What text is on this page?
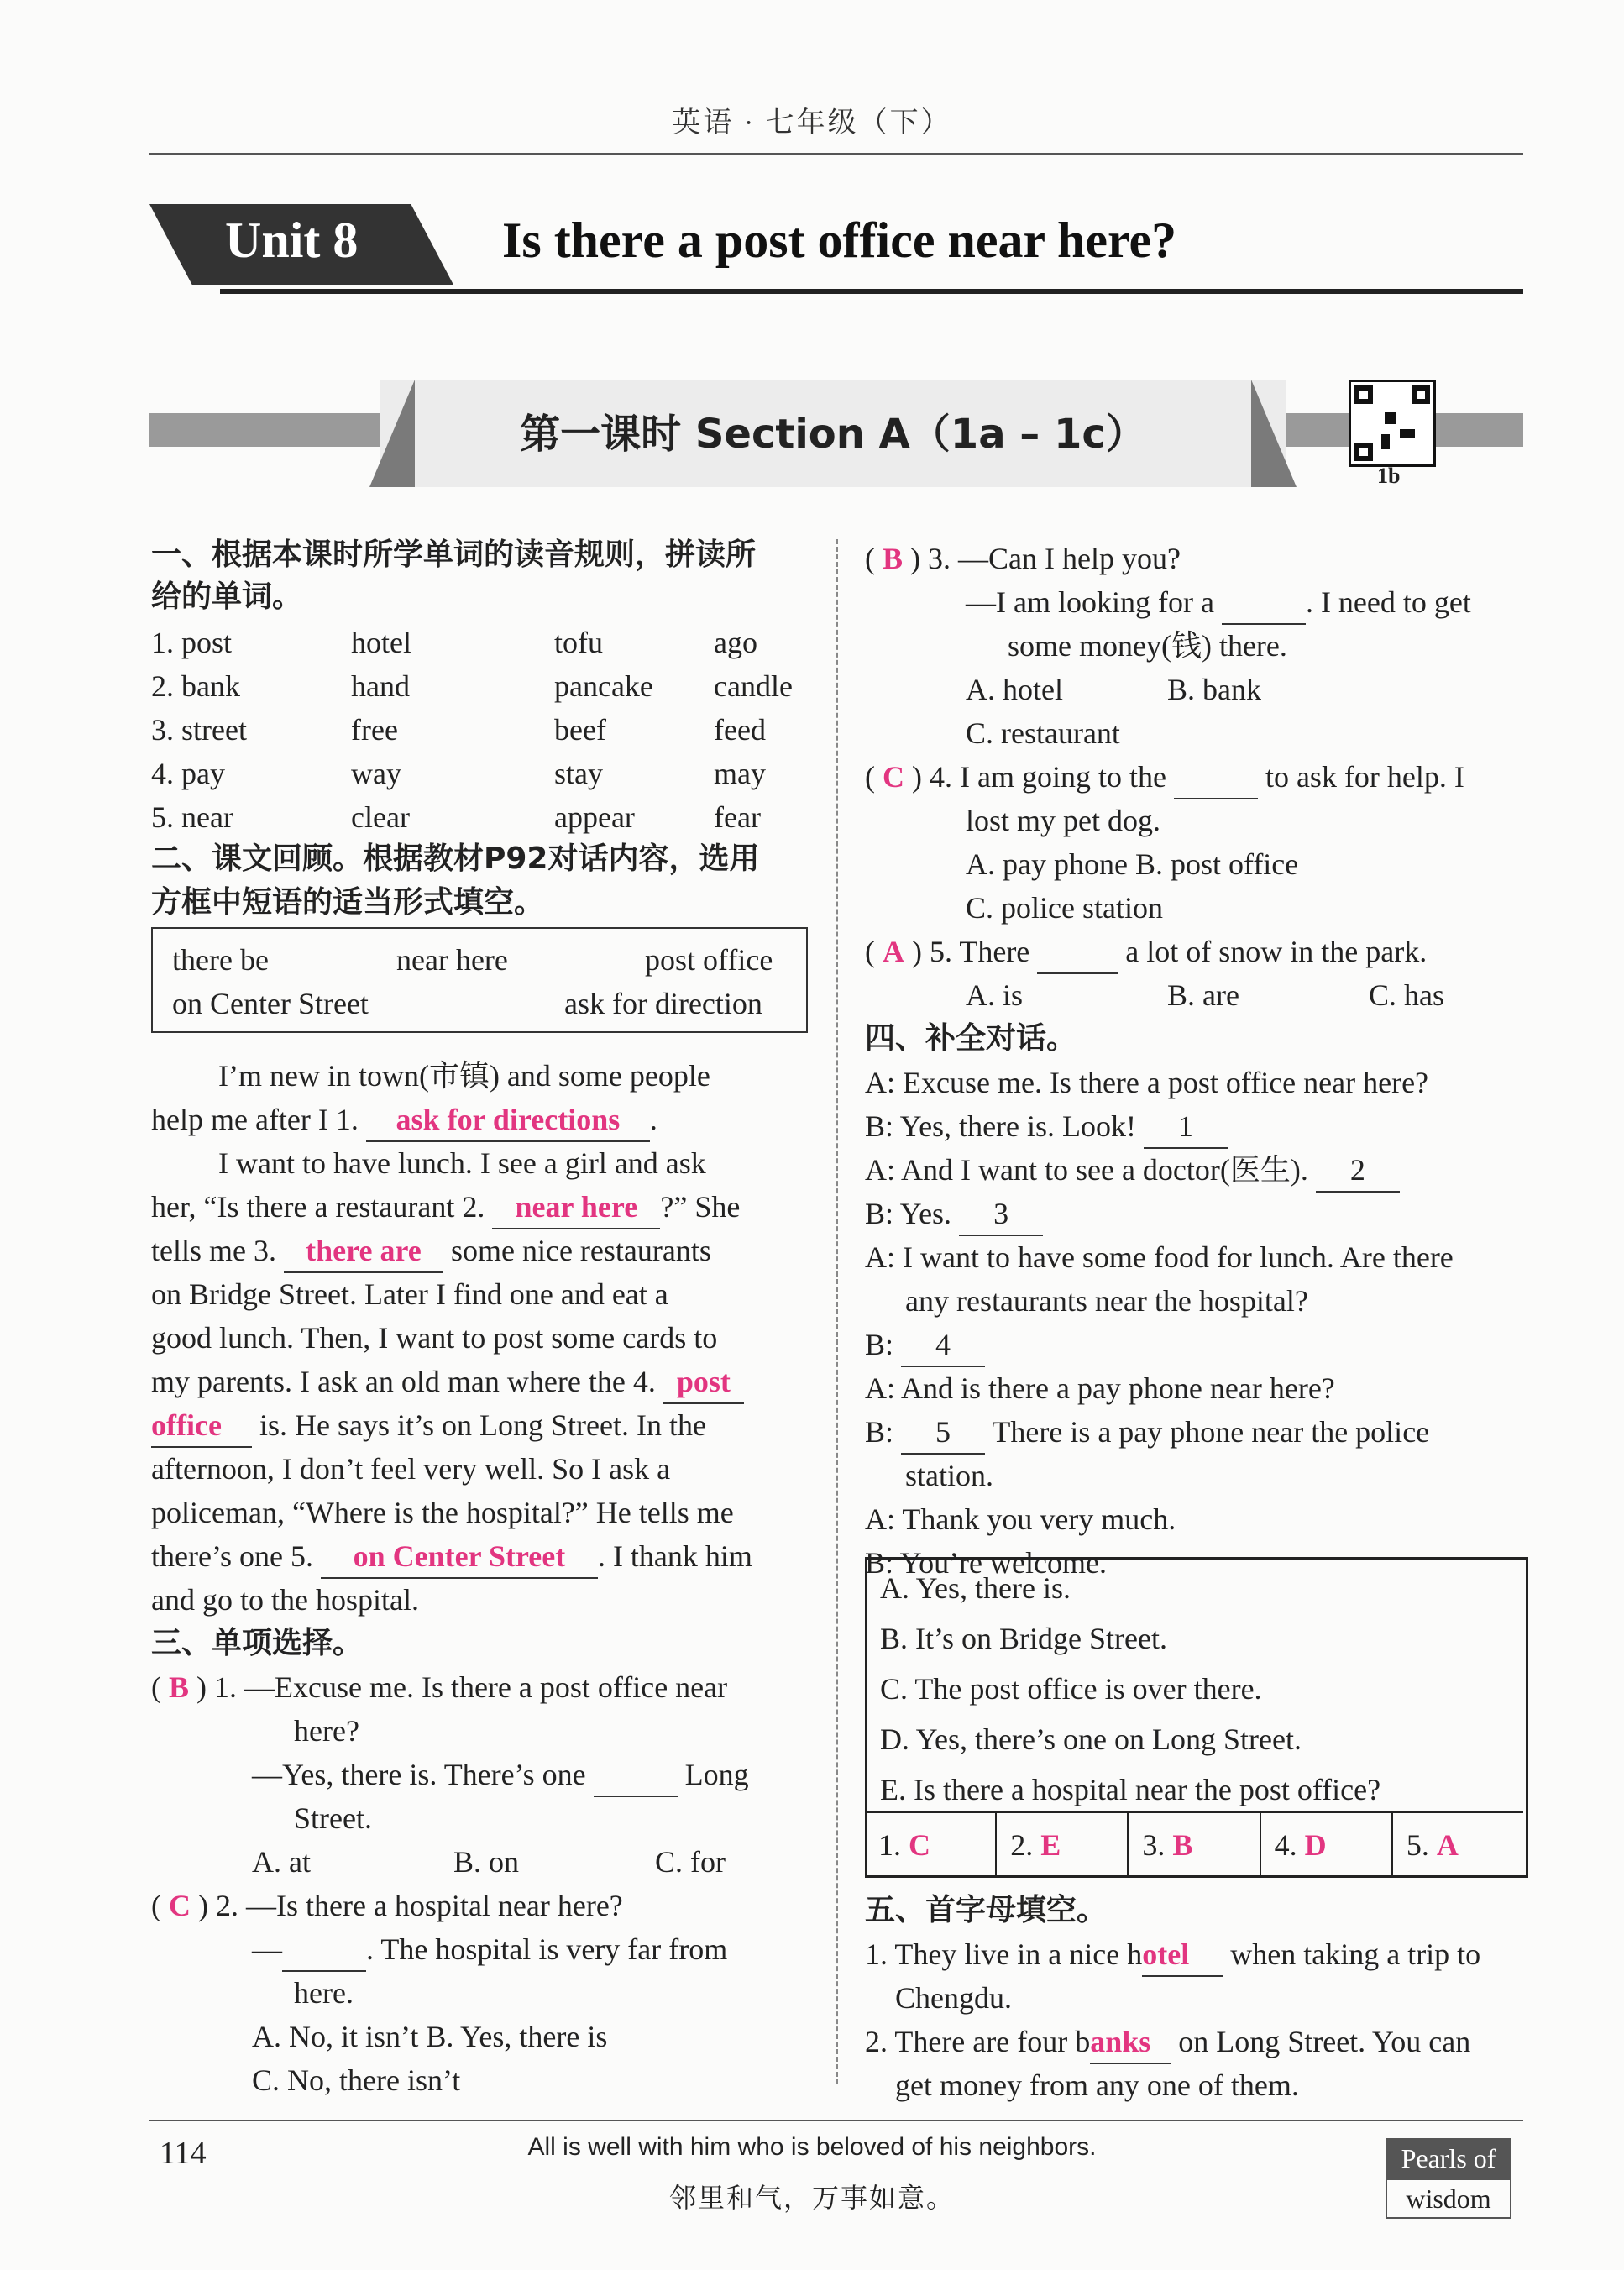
英语 · 七年级（下）
Unit 8	Is there a post office near here?
第一课时 Section A（1a – 1c）
1b
一、根据本课时所学单词的读音规则，拼读所
给的单词。
1. post	hotel	tofu	ago
2. bank	hand	pancake candle
3. street	free	beef	feed
4. pay	way	stay	may
5. near	clear	appear	fear
二、课文回顾。根据教材P92对话内容，选用
方框中短语的适当形式填空。
there be	near here	post office
on Center Street	ask for direction
I’m new in town(市镇) and some people
help me after I 1. ask for directions .
I want to have lunch. I see a girl and ask
her, “Is there a restaurant 2. near here ?” She
tells me 3. there are some nice restaurants
on Bridge Street. Later I find one and eat a
good lunch. Then, I want to post some cards to
my parents. I ask an old man where the 4. post
office is. He says it’s on Long Street. In the
afternoon, I don’t feel very well. So I ask a
policeman, “Where is the hospital?” He tells me
there’s one 5. on Center Street . I thank him
and go to the hospital.
三、单项选择。
( B ) 1. —Excuse me. Is there a post office near
here?
—Yes, there is. There’s one	Long
Street.
A. at	B. on	C. for
( C ) 2. —Is there a hospital near here?
—	. The hospital is very far from
here.
A. No, it isn’t B. Yes, there is
C. No, there isn’t
( B ) 3. —Can I help you?
—I am looking for a	. I need to get
some money(钱) there.
A. hotel	B. bank
C. restaurant
( C ) 4. I am going to the	to ask for help. I
lost my pet dog.
A. pay phone B. post office
C. police station
( A ) 5. There	a lot of snow in the park.
A. is	B. are	C. has
四、补全对话。
A: Excuse me. Is there a post office near here?
B: Yes, there is. Look! 1
A: And I want to see a doctor(医生). 2
B: Yes. 3
A: I want to have some food for lunch. Are there
any restaurants near the hospital?
B: 4
A: And is there a pay phone near here?
B: 5 There is a pay phone near the police
station.
A: Thank you very much.
B: You’re welcome.
A. Yes, there is.
B. It’s on Bridge Street.
C. The post office is over there.
D. Yes, there’s one on Long Street.
E. Is there a hospital near the post office?
1. C	2. E	3. B	4. D	5. A
五、首字母填空。
1. They live in a nice hotel when taking a trip to
Chengdu.
2. There are four banks on Long Street. You can
get money from any one of them.
114	All is well with him who is beloved of his neighbors.
邻里和气，万事如意。
Pearls of
wisdom
